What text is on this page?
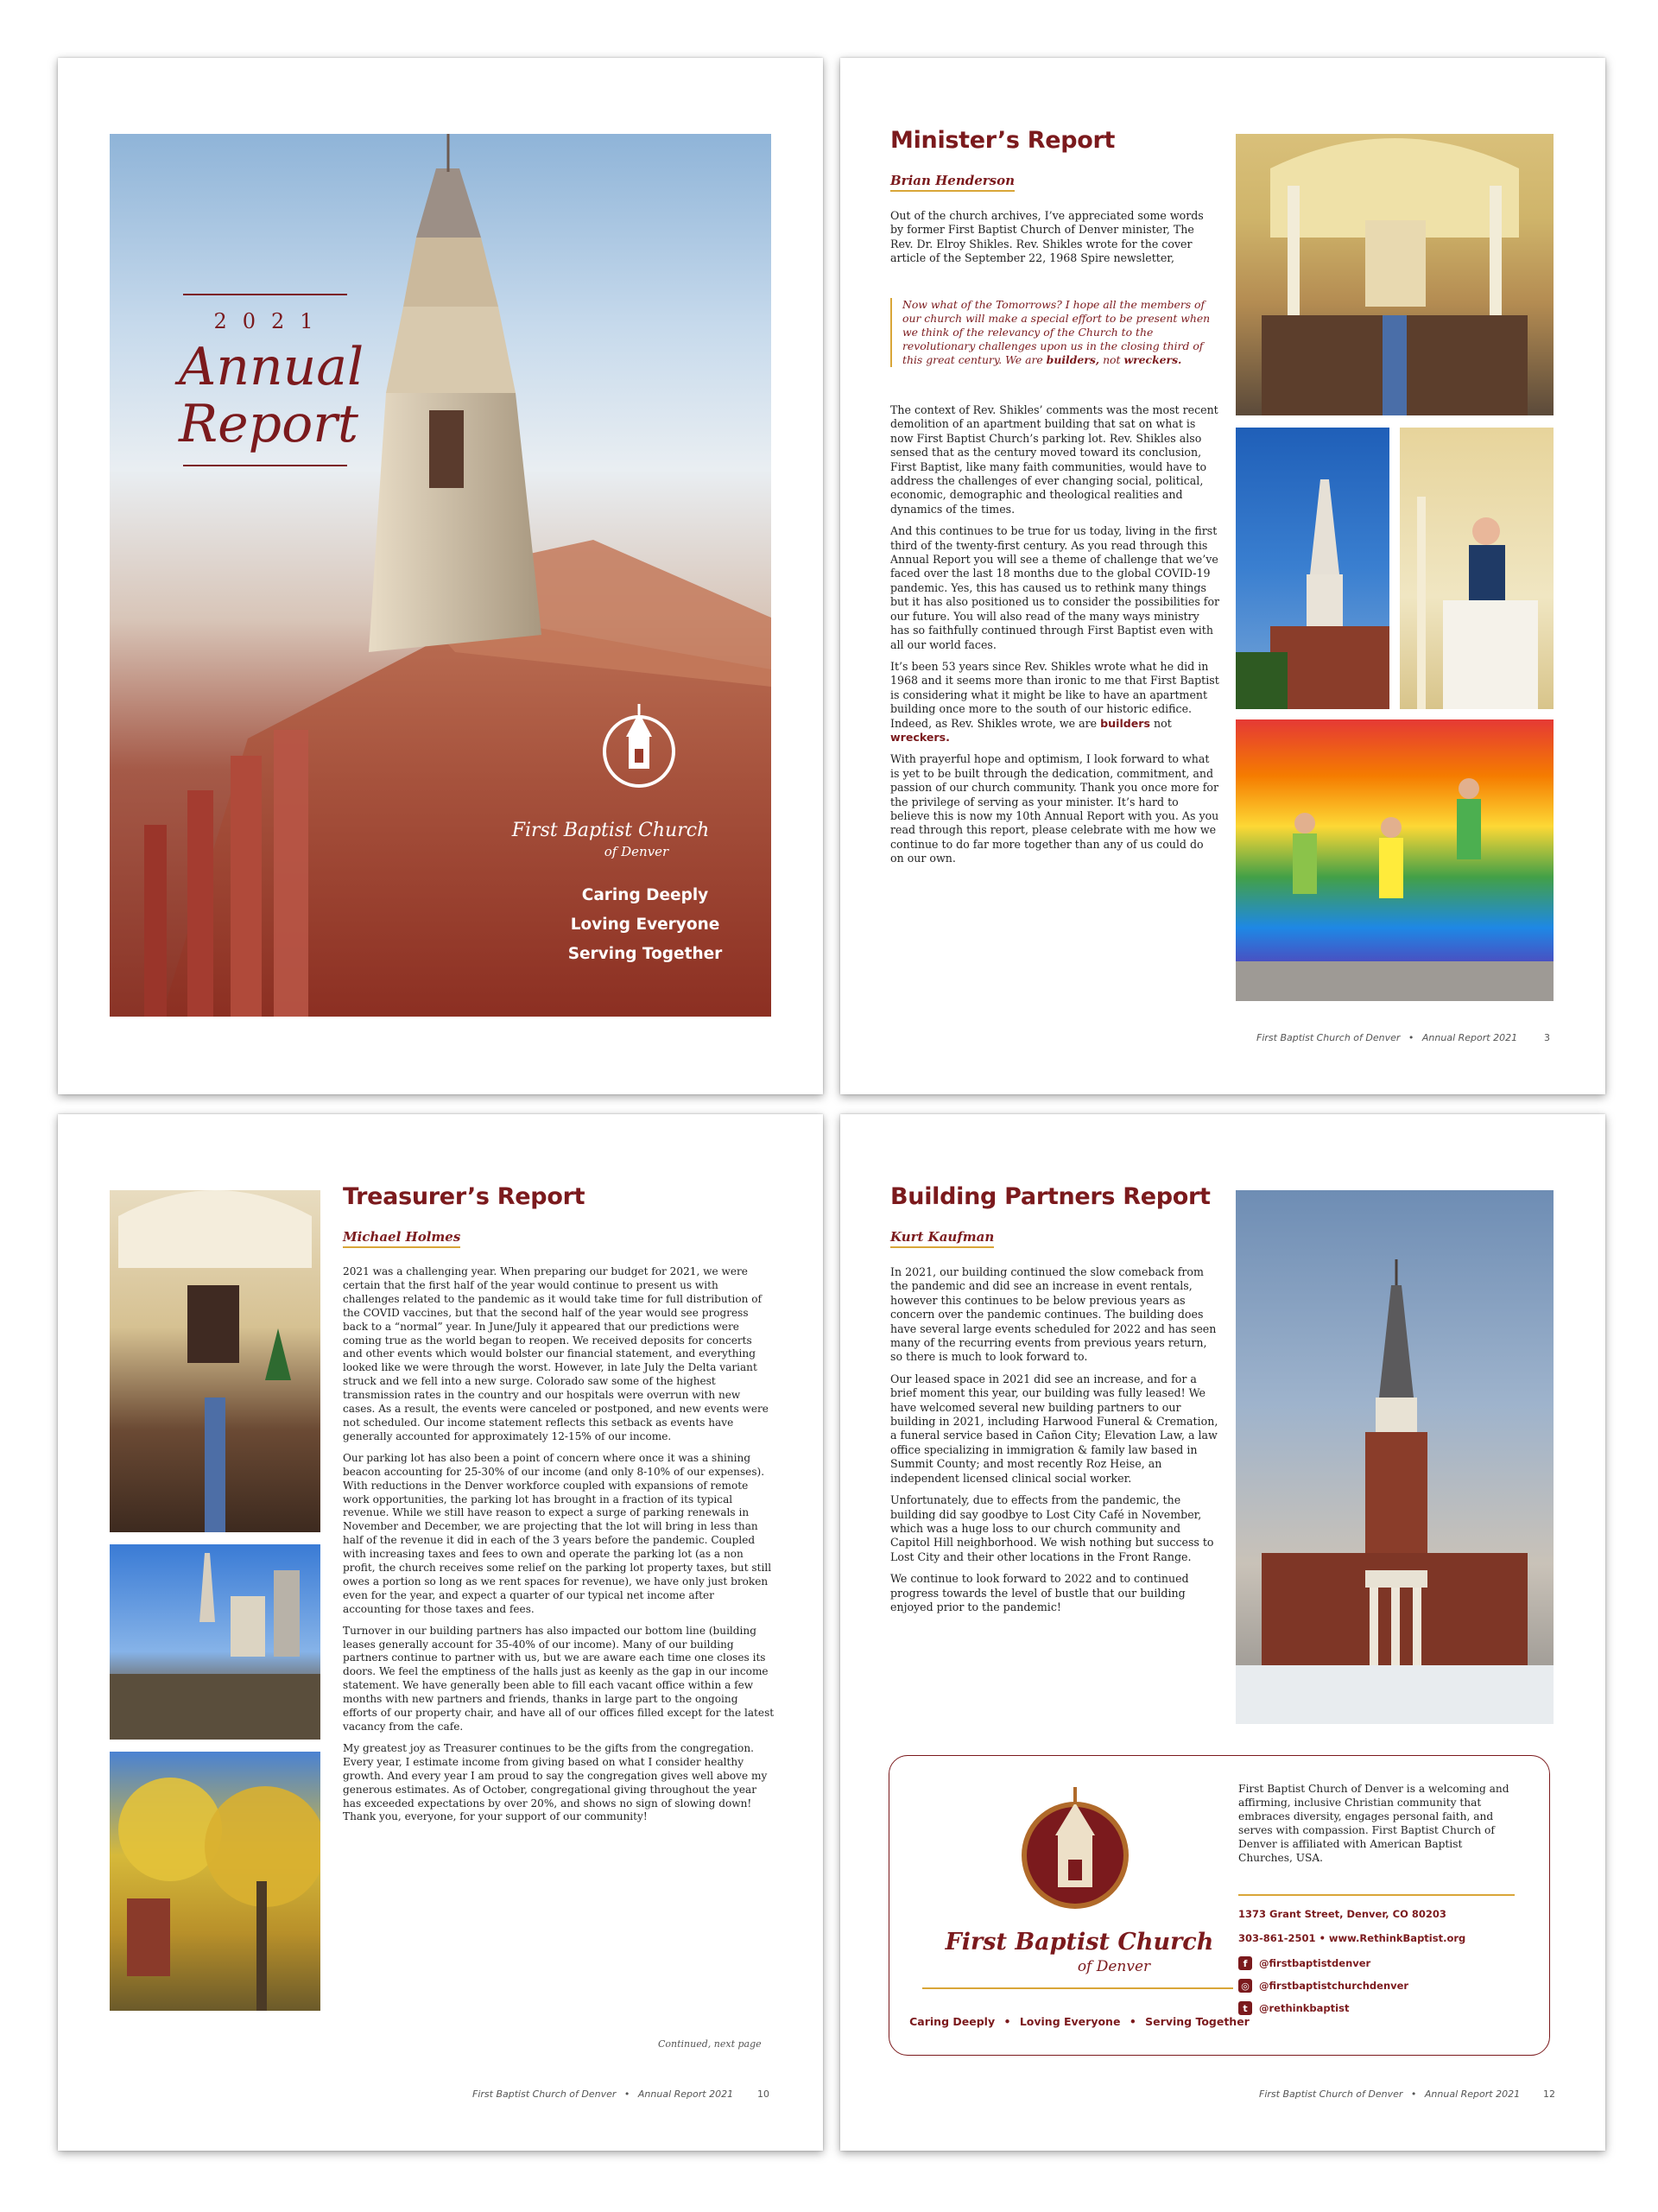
2021
Annual
Report
First Baptist Church
of Denver
Caring Deeply
Loving Everyone
Serving Together
Minister’s Report
Brian Henderson

Out of the church archives, I’ve appreciated some words by former First Baptist Church of Denver minister, The Rev. Dr. Elroy Shikles. Rev. Shikles wrote for the cover article of the September 22, 1968 Spire newsletter,

Now what of the Tomorrows? I hope all the members of our church will make a special effort to be present when we think of the relevancy of the Church to the revolutionary challenges upon us in the closing third of this great century. We are builders, not wreckers.

The context of Rev. Shikles’ comments was the most recent demolition of an apartment building that sat on what is now First Baptist Church’s parking lot. Rev. Shikles also sensed that as the century moved toward its conclusion, First Baptist, like many faith communities, would have to address the challenges of ever changing social, political, economic, demographic and theological realities and dynamics of the times.

And this continues to be true for us today, living in the first third of the twenty-first century. As you read through this Annual Report you will see a theme of challenge that we’ve faced over the last 18 months due to the global COVID-19 pandemic. Yes, this has caused us to rethink many things but it has also positioned us to consider the possibilities for our future. You will also read of the many ways ministry has so faithfully continued through First Baptist even with all our world faces.

It’s been 53 years since Rev. Shikles wrote what he did in 1968 and it seems more than ironic to me that First Baptist is considering what it might be like to have an apartment building once more to the south of our historic edifice. Indeed, as Rev. Shikles wrote, we are builders not wreckers.

With prayerful hope and optimism, I look forward to what is yet to be built through the dedication, commitment, and passion of our church community. Thank you once more for the privilege of serving as your minister. It’s hard to believe this is now my 10th Annual Report with you. As you read through this report, please celebrate with me how we continue to do far more together than any of us could do on our own.

First Baptist Church of Denver • Annual Report 2021	3
Treasurer’s Report
Michael Holmes

2021 was a challenging year. When preparing our budget for 2021, we were certain that the first half of the year would continue to present us with challenges related to the pandemic as it would take time for full distribution of the COVID vaccines, but that the second half of the year would see progress back to a “normal” year. In June/July it appeared that our predictions were coming true as the world began to reopen. We received deposits for concerts and other events which would bolster our financial statement, and everything looked like we were through the worst. However, in late July the Delta variant struck and we fell into a new surge. Colorado saw some of the highest transmission rates in the country and our hospitals were overrun with new cases. As a result, the events were canceled or postponed, and new events were not scheduled. Our income statement reflects this setback as events have generally accounted for approximately 12-15% of our income.

Our parking lot has also been a point of concern where once it was a shining beacon accounting for 25-30% of our income (and only 8-10% of our expenses). With reductions in the Denver workforce coupled with expansions of remote work opportunities, the parking lot has brought in a fraction of its typical revenue. While we still have reason to expect a surge of parking renewals in November and December, we are projecting that the lot will bring in less than half of the revenue it did in each of the 3 years before the pandemic. Coupled with increasing taxes and fees to own and operate the parking lot (as a non profit, the church receives some relief on the parking lot property taxes, but still owes a portion so long as we rent spaces for revenue), we have only just broken even for the year, and expect a quarter of our typical net income after accounting for those taxes and fees.

Turnover in our building partners has also impacted our bottom line (building leases generally account for 35-40% of our income). Many of our building partners continue to partner with us, but we are aware each time one closes its doors. We feel the emptiness of the halls just as keenly as the gap in our income statement. We have generally been able to fill each vacant office within a few months with new partners and friends, thanks in large part to the ongoing efforts of our property chair, and have all of our offices filled except for the latest vacancy from the cafe.

My greatest joy as Treasurer continues to be the gifts from the congregation. Every year, I estimate income from giving based on what I consider healthy growth. And every year I am proud to say the congregation gives well above my generous estimates. As of October, congregational giving throughout the year has exceeded expectations by over 20%, and shows no sign of slowing down! Thank you, everyone, for your support of our community!

Continued, next page
First Baptist Church of Denver • Annual Report 2021	10
Building Partners Report
Kurt Kaufman

In 2021, our building continued the slow comeback from the pandemic and did see an increase in event rentals, however this continues to be below previous years as concern over the pandemic continues. The building does have several large events scheduled for 2022 and has seen many of the recurring events from previous years return, so there is much to look forward to.

Our leased space in 2021 did see an increase, and for a brief moment this year, our building was fully leased! We have welcomed several new building partners to our building in 2021, including Harwood Funeral & Cremation, a funeral service based in Cañon City; Elevation Law, a law office specializing in immigration & family law based in Summit County; and most recently Roz Heise, an independent licensed clinical social worker.

Unfortunately, due to effects from the pandemic, the building did say goodbye to Lost City Café in November, which was a huge loss to our church community and Capitol Hill neighborhood. We wish nothing but success to Lost City and their other locations in the Front Range.

We continue to look forward to 2022 and to continued progress towards the level of bustle that our building enjoyed prior to the pandemic!

First Baptist Church
of Denver
Caring Deeply • Loving Everyone • Serving Together
First Baptist Church of Denver is a welcoming and affirming, inclusive Christian community that embraces diversity, engages personal faith, and serves with compassion. First Baptist Church of Denver is affiliated with American Baptist Churches, USA.
1373 Grant Street, Denver, CO 80203
303-861-2501 • www.RethinkBaptist.org
f	@firstbaptistdenver
◎ @firstbaptistchurchdenver
t	@rethinkbaptist
First Baptist Church of Denver • Annual Report 2021	12
